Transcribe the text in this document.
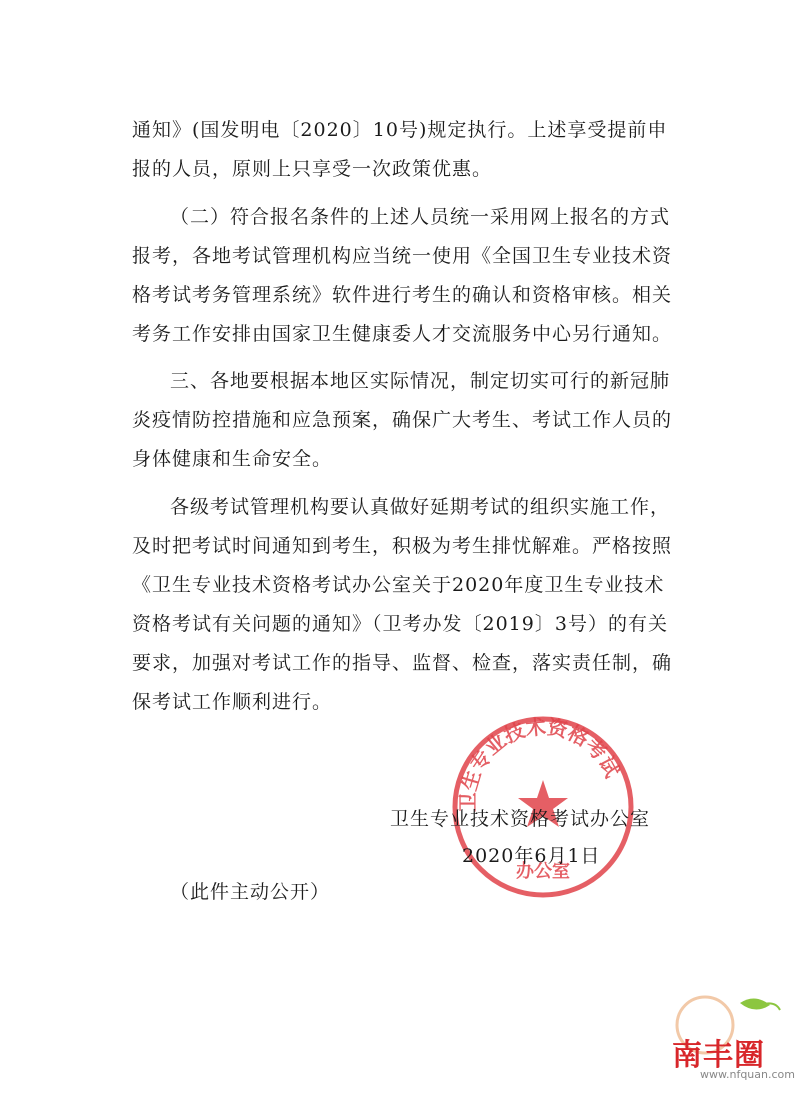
通知》(国发明电〔2020〕10号)规定执行。上述享受提前申
报的人员，原则上只享受一次政策优惠。
（二）符合报名条件的上述人员统一采用网上报名的方式
报考，各地考试管理机构应当统一使用《全国卫生专业技术资
格考试考务管理系统》软件进行考生的确认和资格审核。相关
考务工作安排由国家卫生健康委人才交流服务中心另行通知。
三、各地要根据本地区实际情况，制定切实可行的新冠肺
炎疫情防控措施和应急预案，确保广大考生、考试工作人员的
身体健康和生命安全。
各级考试管理机构要认真做好延期考试的组织实施工作，
及时把考试时间通知到考生，积极为考生排忧解难。严格按照
《卫生专业技术资格考试办公室关于2020年度卫生专业技术
资格考试有关问题的通知》（卫考办发〔2019〕3号）的有关
要求，加强对考试工作的指导、监督、检查，落实责任制，确
保考试工作顺利进行。
卫生专业技术资格考试
办公室
卫生专业技术资格考试办公室
2020年6月1日
（此件主动公开）
南丰圈
www.nfquan.com
